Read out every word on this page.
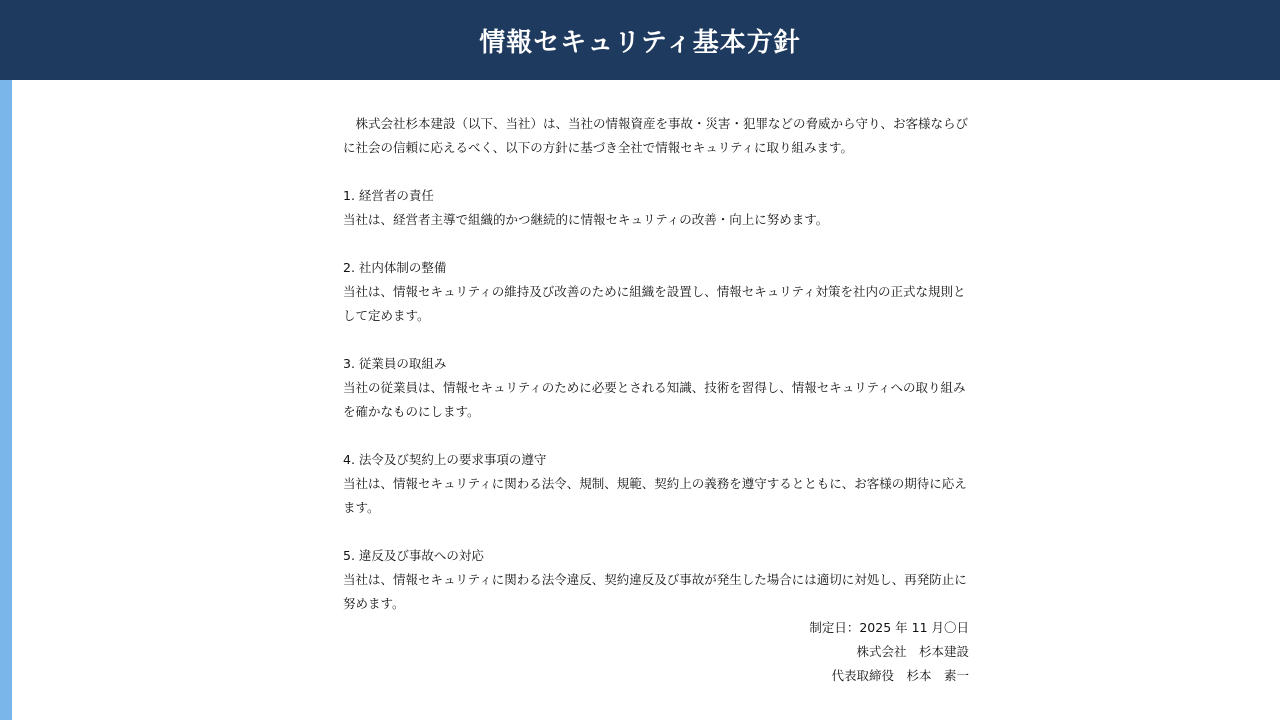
情報セキュリティ基本方針

株式会社杉本建設（以下、当社）は、当社の情報資産を事故・災害・犯罪などの脅威から守り、お客様ならびに社会の信頼に応えるべく、以下の方針に基づき全社で情報セキュリティに取り組みます。

1. 経営者の責任

当社は、経営者主導で組織的かつ継続的に情報セキュリティの改善・向上に努めます。

2. 社内体制の整備

当社は、情報セキュリティの維持及び改善のために組織を設置し、情報セキュリティ対策を社内の正式な規則として定めます。

3. 従業員の取組み

当社の従業員は、情報セキュリティのために必要とされる知識、技術を習得し、情報セキュリティへの取り組みを確かなものにします。

4. 法令及び契約上の要求事項の遵守

当社は、情報セキュリティに関わる法令、規制、規範、契約上の義務を遵守するとともに、お客様の期待に応えます。

5. 違反及び事故への対応

当社は、情報セキュリティに関わる法令違反、契約違反及び事故が発生した場合には適切に対処し、再発防止に努めます。

制定日：2025 年 11 月〇日

株式会社　杉本建設

代表取締役　杉本　素一
